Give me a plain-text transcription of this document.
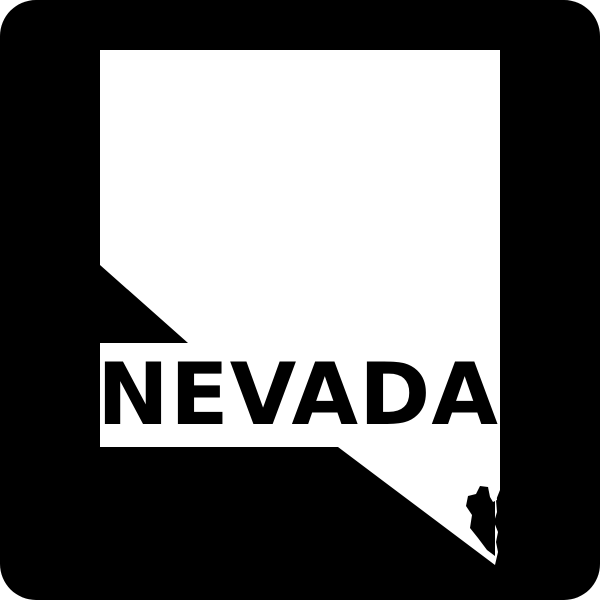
NEVADA
